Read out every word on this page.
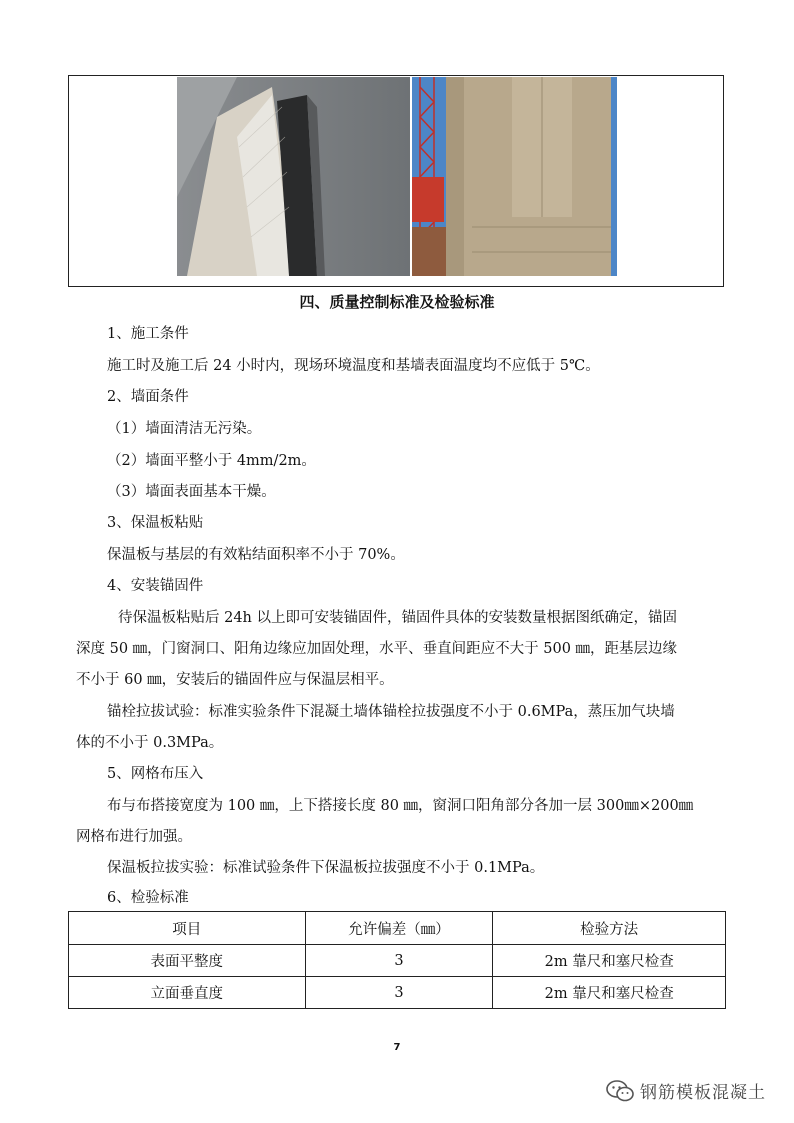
四、质量控制标准及检验标准
1、施工条件
施工时及施工后 24 小时内，现场环境温度和基墙表面温度均不应低于 5℃。
2、墙面条件
（1）墙面清洁无污染。
（2）墙面平整小于 4mm/2m。
（3）墙面表面基本干燥。
3、保温板粘贴
保温板与基层的有效粘结面积率不小于 70%。
4、安装锚固件
待保温板粘贴后 24h 以上即可安装锚固件，锚固件具体的安装数量根据图纸确定，锚固
深度 50 ㎜，门窗洞口、阳角边缘应加固处理，水平、垂直间距应不大于 500 ㎜，距基层边缘
不小于 60 ㎜，安装后的锚固件应与保温层相平。
锚栓拉拔试验：标准实验条件下混凝土墙体锚栓拉拔强度不小于 0.6MPa，蒸压加气块墙
体的不小于 0.3MPa。
5、网格布压入
布与布搭接宽度为 100 ㎜，上下搭接长度 80 ㎜，窗洞口阳角部分各加一层 300㎜×200㎜
网格布进行加强。
保温板拉拔实验：标准试验条件下保温板拉拔强度不小于 0.1MPa。
6、检验标准
项目	允许偏差（㎜）	检验方法
表面平整度	3	2m 靠尺和塞尺检查
立面垂直度	3	2m 靠尺和塞尺检查
7
钢筋模板混凝土
